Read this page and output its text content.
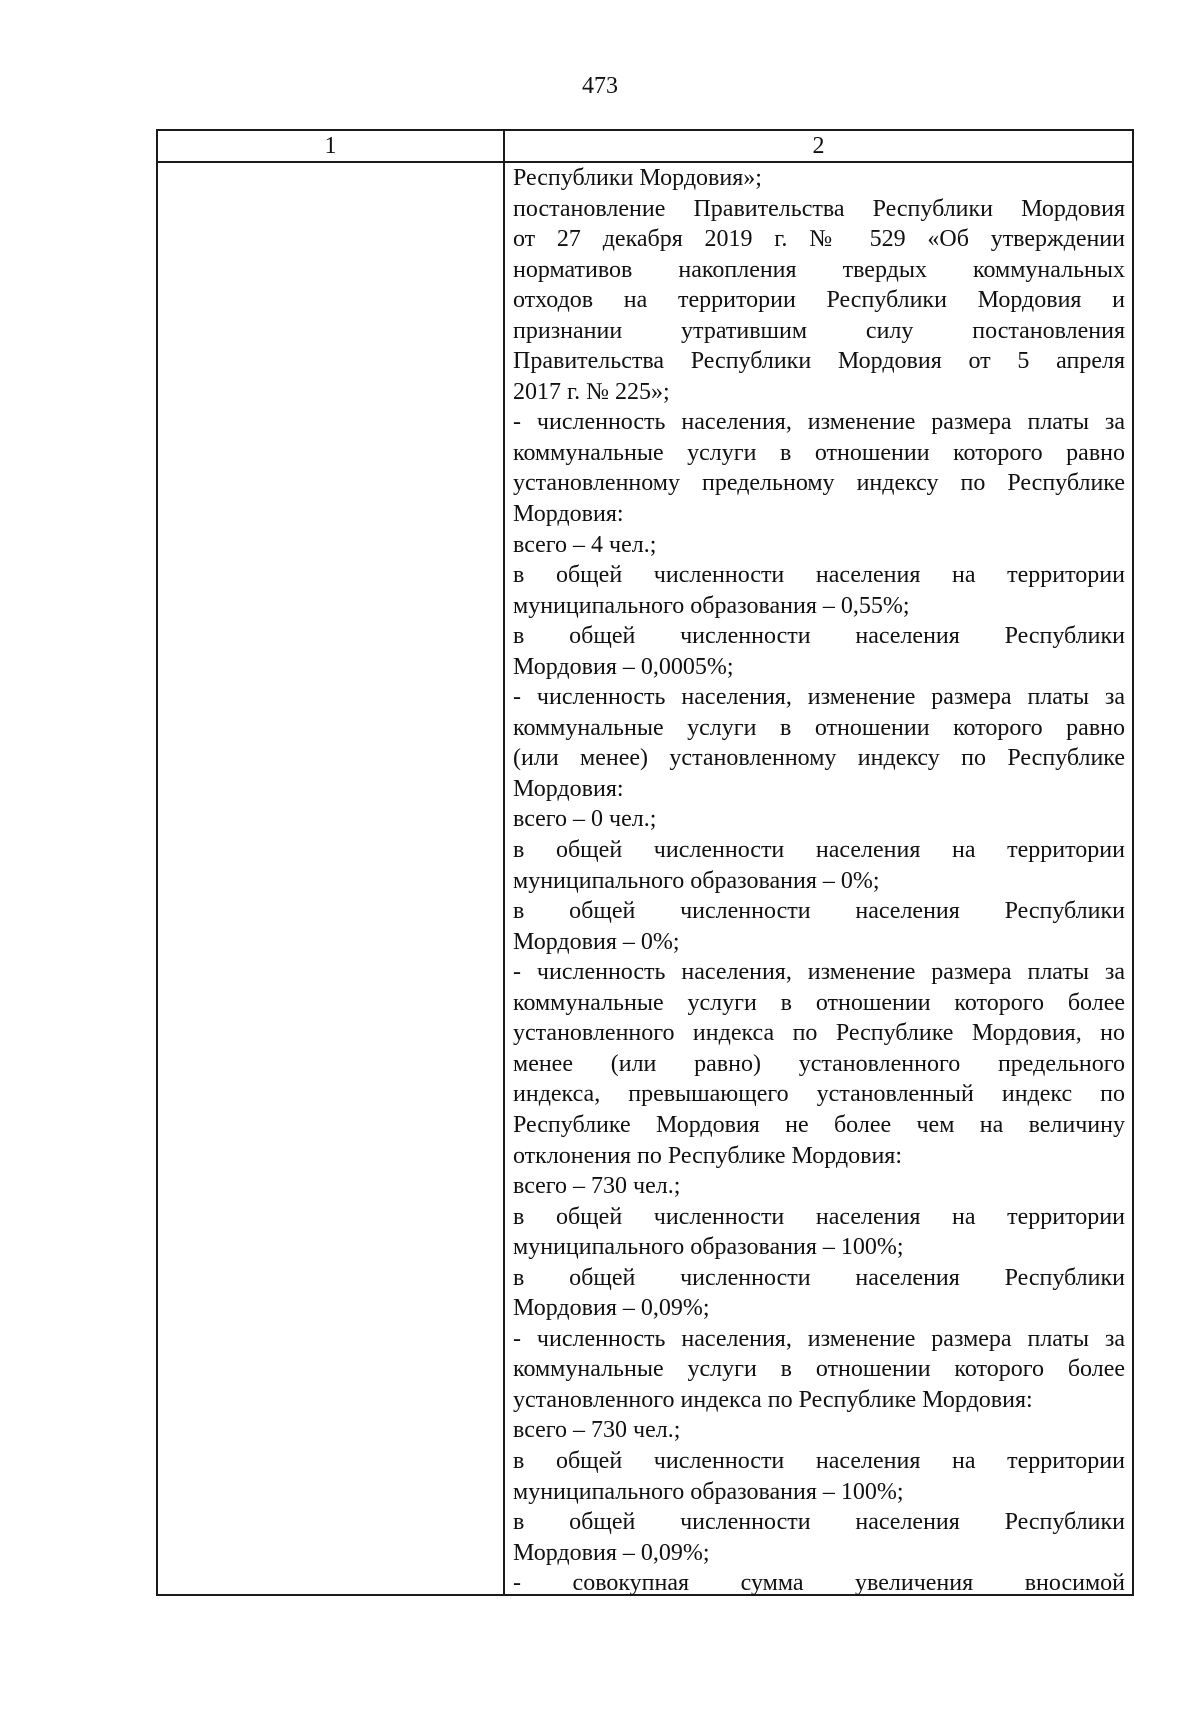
473
1	2
Республики Мордовия»;
постановление Правительства Республики Мордовия
от 27 декабря 2019 г. № 529 «Об утверждении
нормативов накопления твердых коммунальных
отходов на территории Республики Мордовия и
признании утратившим силу постановления
Правительства Республики Мордовия от 5 апреля
2017 г. № 225»;
- численность населения, изменение размера платы за
коммунальные услуги в отношении которого равно
установленному предельному индексу по Республике
Мордовия:
всего – 4 чел.;
в общей численности населения на территории
муниципального образования – 0,55%;
в общей численности населения Республики
Мордовия – 0,0005%;
- численность населения, изменение размера платы за
коммунальные услуги в отношении которого равно
(или менее) установленному индексу по Республике
Мордовия:
всего – 0 чел.;
в общей численности населения на территории
муниципального образования – 0%;
в общей численности населения Республики
Мордовия – 0%;
- численность населения, изменение размера платы за
коммунальные услуги в отношении которого более
установленного индекса по Республике Мордовия, но
менее (или равно) установленного предельного
индекса, превышающего установленный индекс по
Республике Мордовия не более чем на величину
отклонения по Республике Мордовия:
всего – 730 чел.;
в общей численности населения на территории
муниципального образования – 100%;
в общей численности населения Республики
Мордовия – 0,09%;
- численность населения, изменение размера платы за
коммунальные услуги в отношении которого более
установленного индекса по Республике Мордовия:
всего – 730 чел.;
в общей численности населения на территории
муниципального образования – 100%;
в общей численности населения Республики
Мордовия – 0,09%;
- совокупная сумма увеличения вносимой
